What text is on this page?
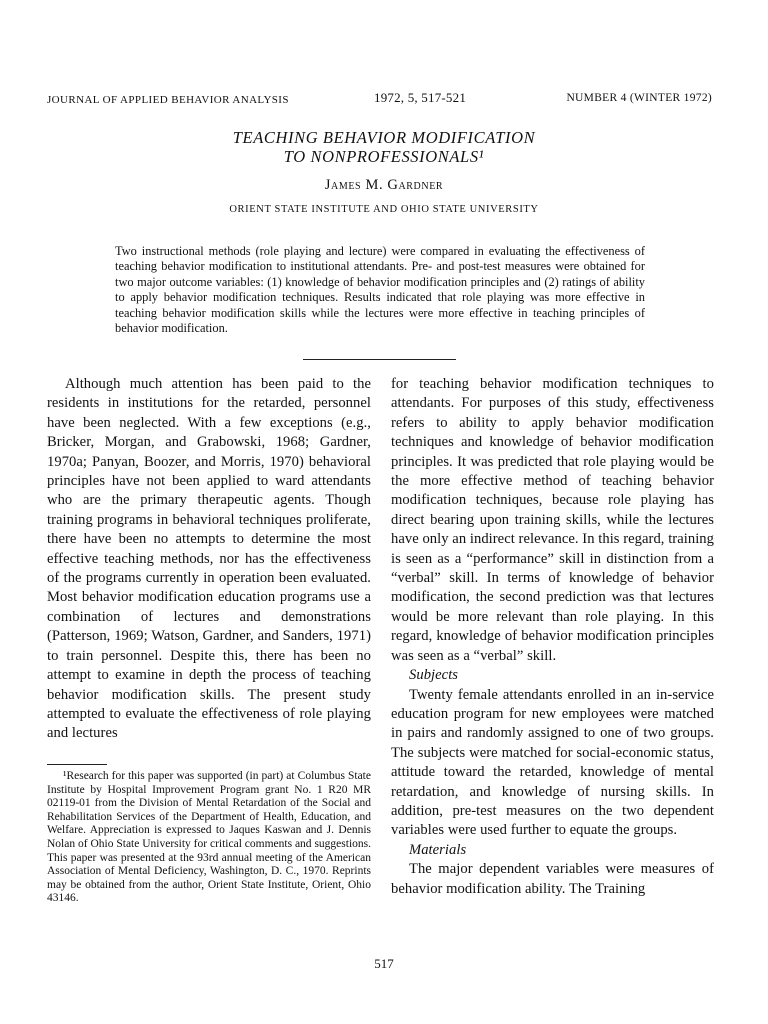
JOURNAL OF APPLIED BEHAVIOR ANALYSIS	1972, 5, 517-521	NUMBER 4 (WINTER 1972)
TEACHING BEHAVIOR MODIFICATION
TO NONPROFESSIONALS¹
James M. Gardner
ORIENT STATE INSTITUTE AND OHIO STATE UNIVERSITY
Two instructional methods (role playing and lecture) were compared in evaluating the effectiveness of teaching behavior modification to institutional attendants. Pre- and post-test measures were obtained for two major outcome variables: (1) knowledge of behavior modification principles and (2) ratings of ability to apply behavior modification techniques. Results indicated that role playing was more effective in teaching behavior modification skills while the lectures were more effective in teaching principles of behavior modification.

Although much attention has been paid to the residents in institutions for the retarded, personnel have been neglected. With a few exceptions (e.g., Bricker, Morgan, and Grabowski, 1968; Gardner, 1970a; Panyan, Boozer, and Morris, 1970) behavioral principles have not been applied to ward attendants who are the primary therapeutic agents. Though training programs in behavioral techniques proliferate, there have been no attempts to determine the most effective teaching methods, nor has the effectiveness of the programs currently in operation been evaluated. Most behavior modification education programs use a combination of lectures and demonstrations (Patterson, 1969; Watson, Gardner, and Sanders, 1971) to train personnel. Despite this, there has been no attempt to examine in depth the process of teaching behavior modification skills. The present study attempted to evaluate the effectiveness of role playing and lectures

¹Research for this paper was supported (in part) at Columbus State Institute by Hospital Improvement Program grant No. 1 R20 MR 02119-01 from the Division of Mental Retardation of the Social and Rehabilitation Services of the Department of Health, Education, and Welfare. Appreciation is expressed to Jaques Kaswan and J. Dennis Nolan of Ohio State University for critical comments and suggestions. This paper was presented at the 93rd annual meeting of the American Association of Mental Deficiency, Washington, D. C., 1970. Reprints may be obtained from the author, Orient State Institute, Orient, Ohio 43146.

for teaching behavior modification techniques to attendants. For purposes of this study, effectiveness refers to ability to apply behavior modification techniques and knowledge of behavior modification principles. It was predicted that role playing would be the more effective method of teaching behavior modification techniques, because role playing has direct bearing upon training skills, while the lectures have only an indirect relevance. In this regard, training is seen as a “performance” skill in distinction from a “verbal” skill. In terms of knowledge of behavior modification, the second prediction was that lectures would be more relevant than role playing. In this regard, knowledge of behavior modification principles was seen as a “verbal” skill.

Subjects

Twenty female attendants enrolled in an in-service education program for new employees were matched in pairs and randomly assigned to one of two groups. The subjects were matched for social-economic status, attitude toward the retarded, knowledge of mental retardation, and knowledge of nursing skills. In addition, pre-test measures on the two dependent variables were used further to equate the groups.

Materials

The major dependent variables were measures of behavior modification ability. The Training

517
